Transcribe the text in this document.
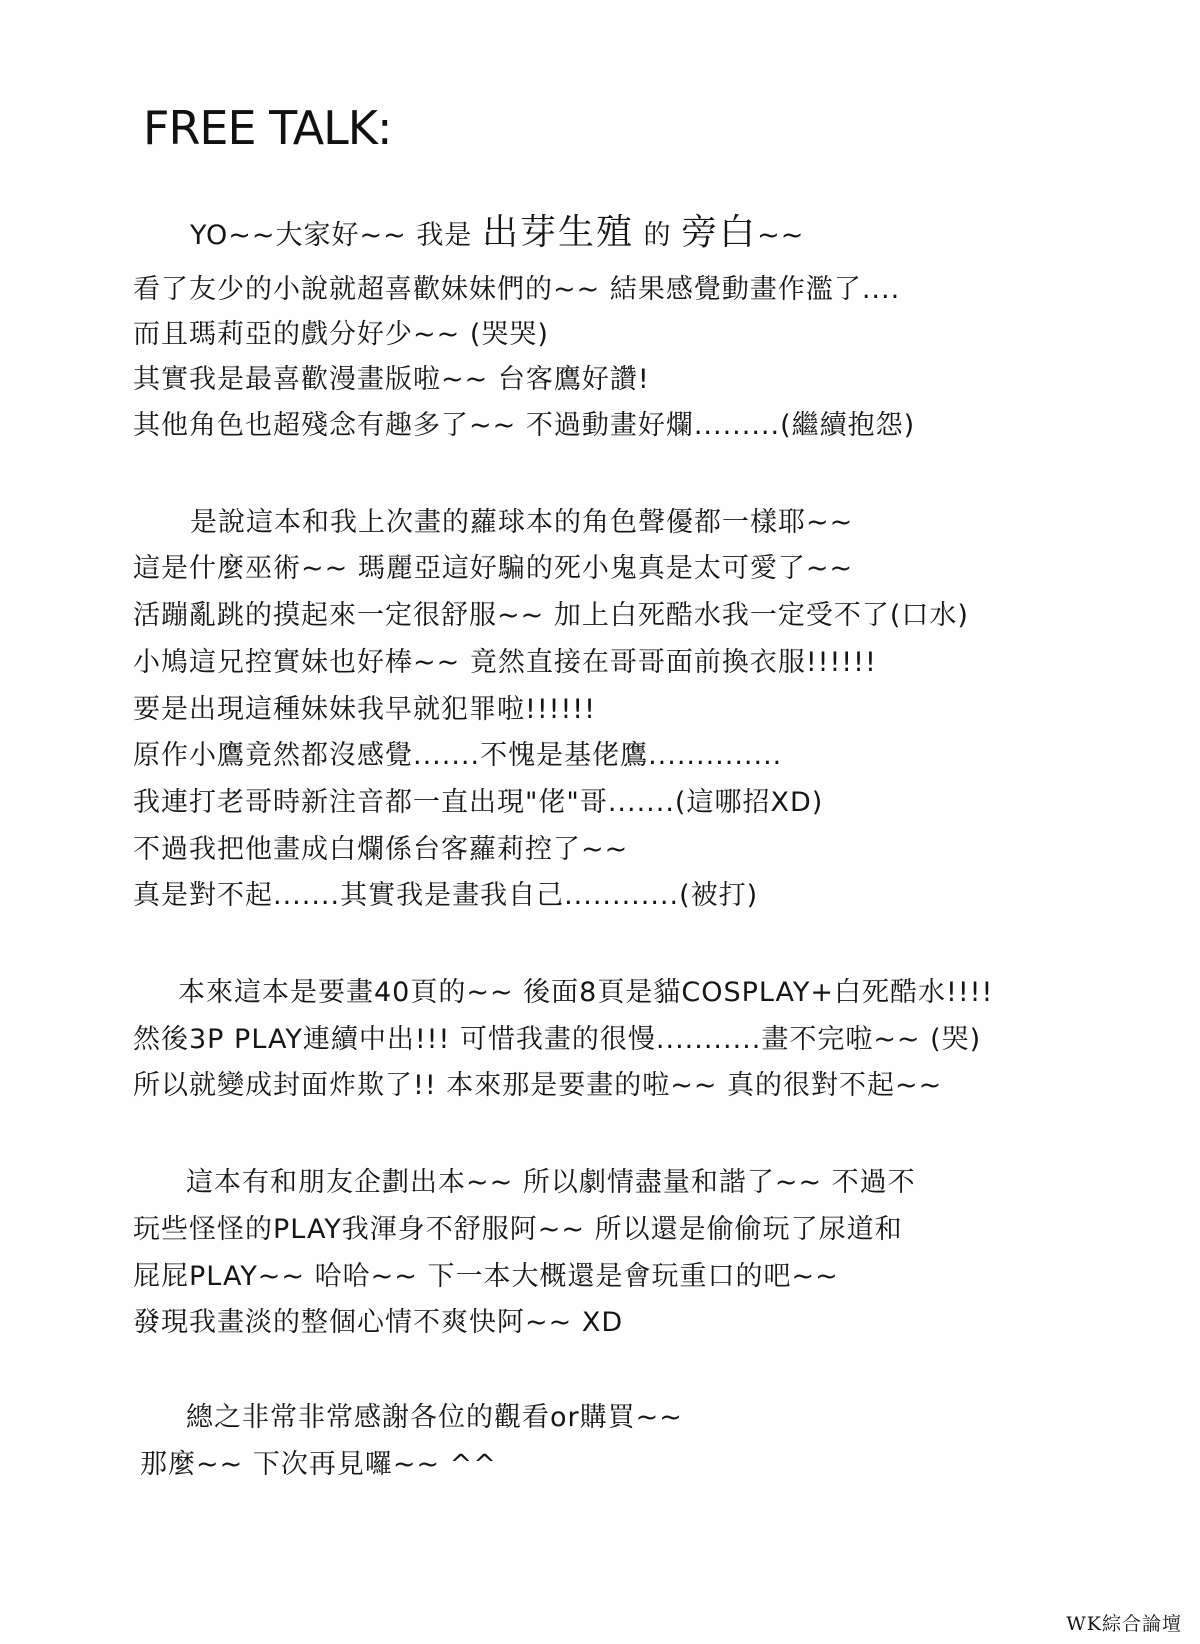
FREE TALK:
YO~~大家好~~ 我是 出芽生殖 的 旁白~~
看了友少的小說就超喜歡妹妹們的~~ 結果感覺動畫作濫了....
而且瑪莉亞的戲分好少~~ (哭哭)
其實我是最喜歡漫畫版啦~~ 台客鷹好讚!
其他角色也超殘念有趣多了~~ 不過動畫好爛.........(繼續抱怨)
是說這本和我上次畫的蘿球本的角色聲優都一樣耶~~
這是什麼巫術~~ 瑪麗亞這好騙的死小鬼真是太可愛了~~
活蹦亂跳的摸起來一定很舒服~~ 加上白死酷水我一定受不了(口水)
小鳩這兄控實妹也好棒~~ 竟然直接在哥哥面前換衣服!!!!!!
要是出現這種妹妹我早就犯罪啦!!!!!!
原作小鷹竟然都沒感覺.......不愧是基佬鷹..............
我連打老哥時新注音都一直出現"佬"哥.......(這哪招XD)
不過我把他畫成白爛係台客蘿莉控了~~
真是對不起.......其實我是畫我自己............(被打)
本來這本是要畫40頁的~~ 後面8頁是貓COSPLAY+白死酷水!!!!
然後3P PLAY連續中出!!! 可惜我畫的很慢...........畫不完啦~~ (哭)
所以就變成封面炸欺了!! 本來那是要畫的啦~~ 真的很對不起~~
這本有和朋友企劃出本~~ 所以劇情盡量和諧了~~ 不過不
玩些怪怪的PLAY我渾身不舒服阿~~ 所以還是偷偷玩了尿道和
屁屁PLAY~~ 哈哈~~ 下一本大概還是會玩重口的吧~~
發現我畫淡的整個心情不爽快阿~~ XD
總之非常非常感謝各位的觀看or購買~~
那麼~~ 下次再見囉~~ ^^
WK綜合論壇
